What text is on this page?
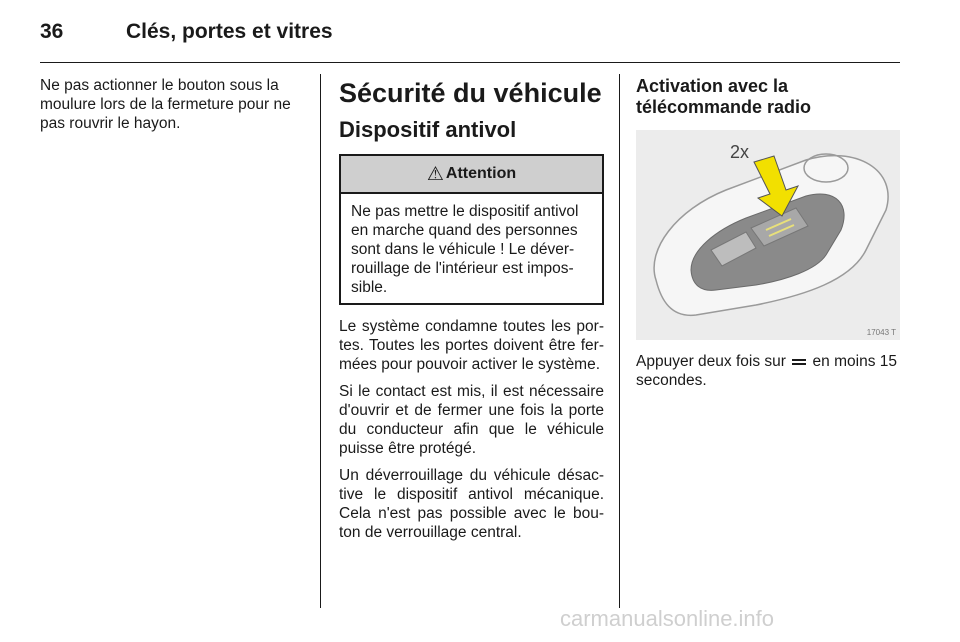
36	Clés, portes et vitres

Ne pas actionner le bouton sous la moulure lors de la fermeture pour ne pas rouvrir le hayon.

Sécurité du véhicule
Dispositif antivol
⚠ Attention

Ne pas mettre le dispositif antivol

en marche quand des personnes

sont dans le véhicule ! Le déver-

rouillage de l'intérieur est impos-

sible.

Le système condamne toutes les por-tes. Toutes les portes doivent être fer-mées pour pouvoir activer le système.

Si le contact est mis, il est nécessaire d'ouvrir et de fermer une fois la porte du conducteur afin que le véhicule puisse être protégé.

Un déverrouillage du véhicule désac-tive le dispositif antivol mécanique. Cela n'est pas possible avec le bou-ton de verrouillage central.

Activation avec la télécommande radio
2x
17043 T

Appuyer deux fois sur en moins 15 secondes.

carmanualsonline.info
